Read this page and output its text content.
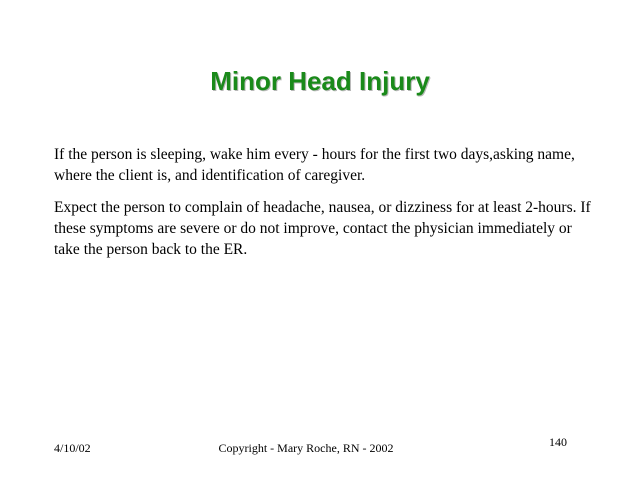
Minor Head Injury

If the person is sleeping, wake him every - hours for the first two days,asking name, where the client is, and identification of caregiver.

Expect the person to complain of headache, nausea, or dizziness for at least 2-hours. If these symptoms are severe or do not improve, contact the physician immediately or take the person back to the ER.

4/10/02	Copyright - Mary Roche, RN - 2002	140
